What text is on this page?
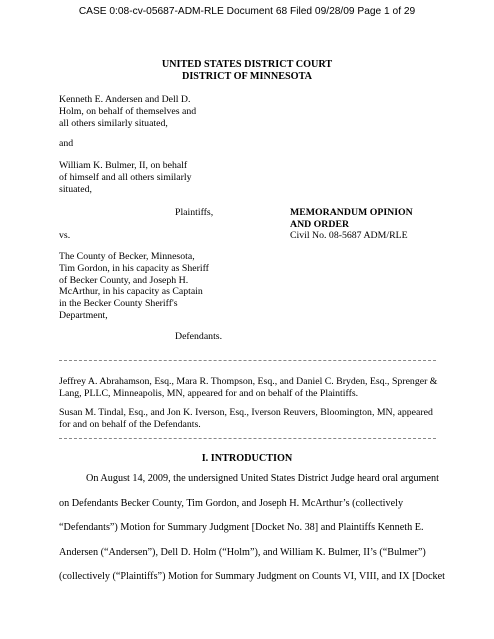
CASE 0:08-cv-05687-ADM-RLE Document 68 Filed 09/28/09 Page 1 of 29
UNITED STATES DISTRICT COURT
DISTRICT OF MINNESOTA
Kenneth E. Andersen and Dell D.
Holm, on behalf of themselves and
all others similarly situated,
and
William K. Bulmer, II, on behalf
of himself and all others similarly
situated,
Plaintiffs,	MEMORANDUM OPINION
AND ORDER
Civil No. 08-5687 ADM/RLE
vs.
The County of Becker, Minnesota,
Tim Gordon, in his capacity as Sheriff
of Becker County, and Joseph H.
McArthur, in his capacity as Captain
in the Becker County Sheriff's
Department,
Defendants.
Jeffrey A. Abrahamson, Esq., Mara R. Thompson, Esq., and Daniel C. Bryden, Esq., Sprenger &
Lang, PLLC, Minneapolis, MN, appeared for and on behalf of the Plaintiffs.
Susan M. Tindal, Esq., and Jon K. Iverson, Esq., Iverson Reuvers, Bloomington, MN, appeared
for and on behalf of the Defendants.
I. INTRODUCTION
On August 14, 2009, the undersigned United States District Judge heard oral argument
on Defendants Becker County, Tim Gordon, and Joseph H. McArthur’s (collectively
“Defendants”) Motion for Summary Judgment [Docket No. 38] and Plaintiffs Kenneth E.
Andersen (“Andersen”), Dell D. Holm (“Holm”), and William K. Bulmer, II’s (“Bulmer”)
(collectively (“Plaintiffs”) Motion for Summary Judgment on Counts VI, VIII, and IX [Docket
